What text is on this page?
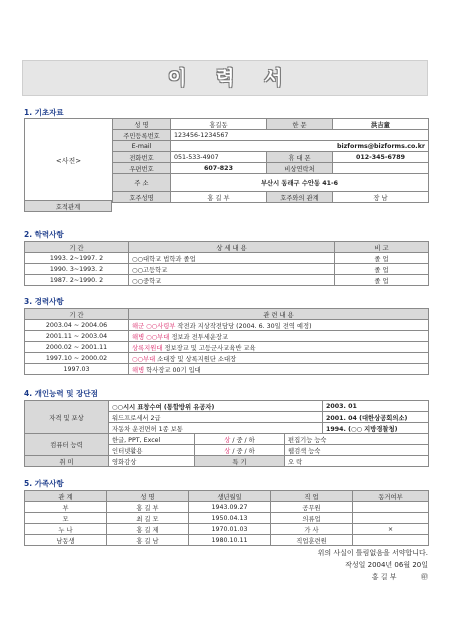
이 력 서
1. 기초자료
<사진>	성 명	홍길동	한 문	洪吉童
	주민등록번호	123456-1234567		
	E-mail	bizforms@bizforms.co.kr		
	전화번호	051-533-4907	휴 대 폰	012-345-6789
	우편번호	607-823	비상연락처	
	주 소	부산시 동래구 수안동 41-6		
	호주성명	홍 길 부	호주와의 관계	장 남
호적관계
2. 학력사항
기 간	상 세 내 용	비 고
1993. 2~1997. 2	○○대학교 법학과 졸업	졸 업
1990. 3~1993. 2	○○고등학교	졸 업
1987. 2~1990. 2	○○중학교	졸 업
3. 경력사항
기 간	관 련 내 용
2003.04 ~ 2004.06	해군 ○○사령부 작전과 지상작전담당 (2004. 6. 30일 전역 예정)
2001.11 ~ 2003.04	해병 ○○부대 정보과 전투세운장교
2000.02 ~ 2001.11	상록지원대 정보장교 및 고등군사교육반 교육
1997.10 ~ 2000.02	○○부대 소대장 및 상록지원단 소대장
1997.03	해병 학사장교 00기 입대
4. 개인능력 및 장단점
자격 및 포상	○○시시 표창수여 (통합방위 유공자)			2003. 01
	워드프로세서 2급			2001. 04 (대한상공회의소)
	자동차 운전면허 1종 보통			1994. (○○ 지방경찰청)
컴퓨터 능력	한글, PPT, Excel	상 / 중 / 하	편집기능 능숙	
	인터넷활용	상 / 중 / 하	웹검색 능숙	
취 미	영화감상	특 기	오 락	
5. 가족사항
관 계	성 명	생년월일	직 업	동거여부
부	홍 길 부	1943.09.27	공무원	
모	최 길 모	1950.04.13	의류업	
누 나	홍 길 제	1970.01.03	가 사	×
남동생	홍 길 남	1980.10.11	직업훈련원	
위의 사실이 틀림없음을 서약합니다.
작성일 2004년 06월 20일
홍 길 부	㊞
